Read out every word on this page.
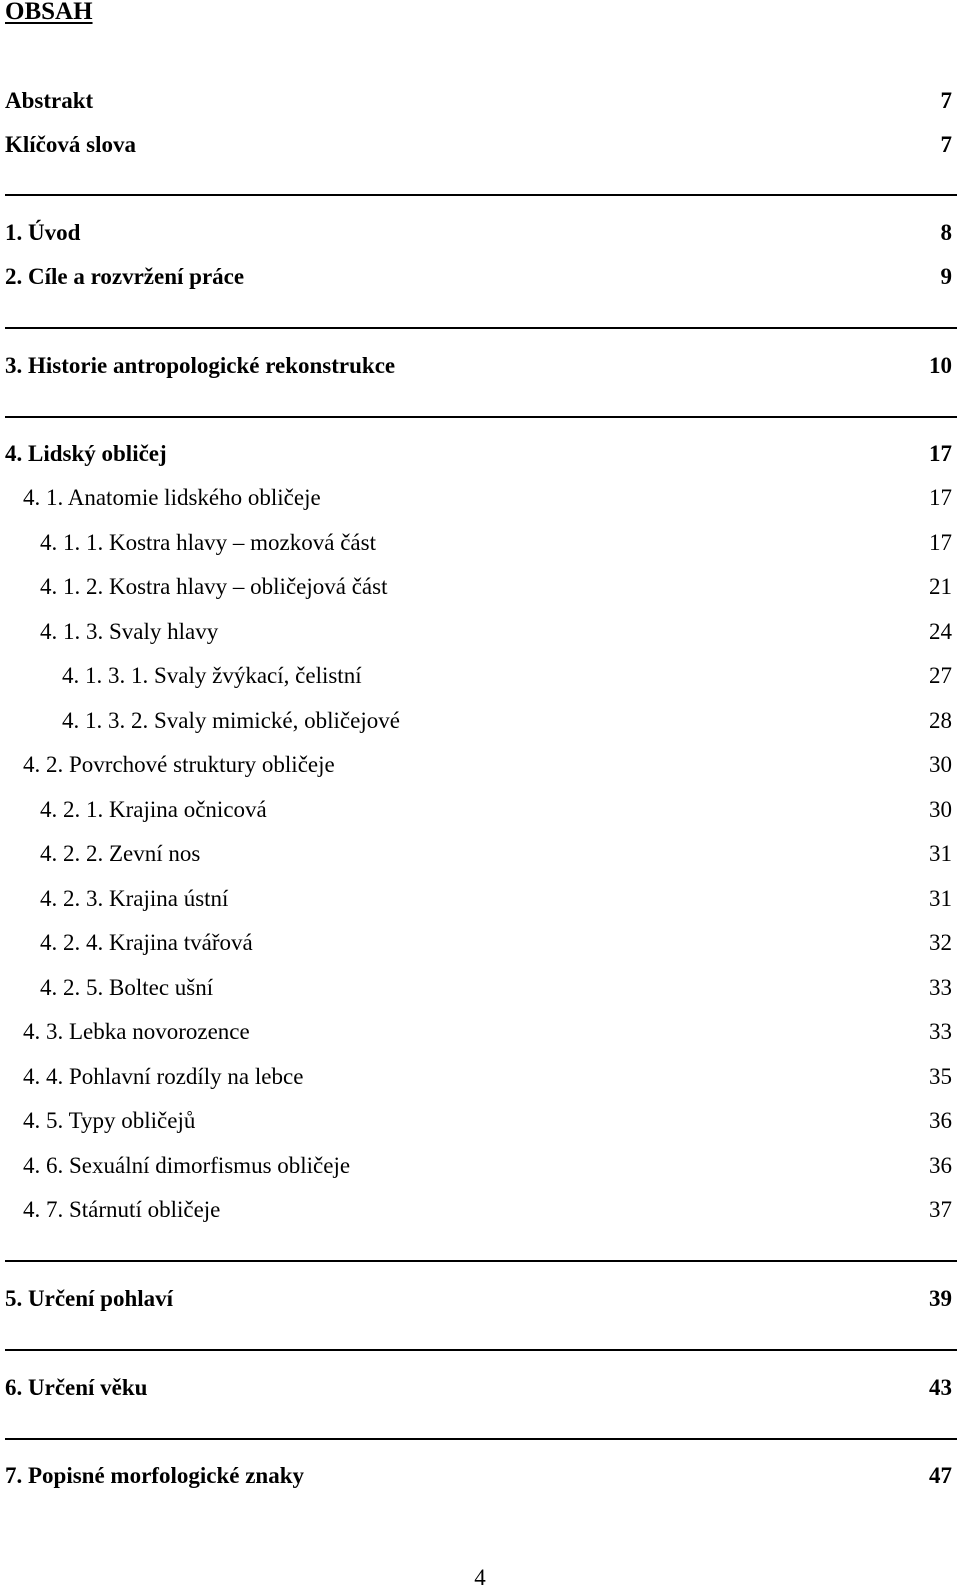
OBSAH
Abstrakt	7
Klíčová slova	7
1. Úvod	8
2. Cíle a rozvržení práce	9
3. Historie antropologické rekonstrukce	10
4. Lidský obličej	17
4. 1. Anatomie lidského obličeje	17
4. 1. 1. Kostra hlavy – mozková část	17
4. 1. 2. Kostra hlavy – obličejová část	21
4. 1. 3. Svaly hlavy	24
4. 1. 3. 1. Svaly žvýkací, čelistní	27
4. 1. 3. 2. Svaly mimické, obličejové	28
4. 2. Povrchové struktury obličeje	30
4. 2. 1. Krajina očnicová	30
4. 2. 2. Zevní nos	31
4. 2. 3. Krajina ústní	31
4. 2. 4. Krajina tvářová	32
4. 2. 5. Boltec ušní	33
4. 3. Lebka novorozence	33
4. 4. Pohlavní rozdíly na lebce	35
4. 5. Typy obličejů	36
4. 6. Sexuální dimorfismus obličeje	36
4. 7. Stárnutí obličeje	37
5. Určení pohlaví	39
6. Určení věku	43
7. Popisné morfologické znaky	47
4
